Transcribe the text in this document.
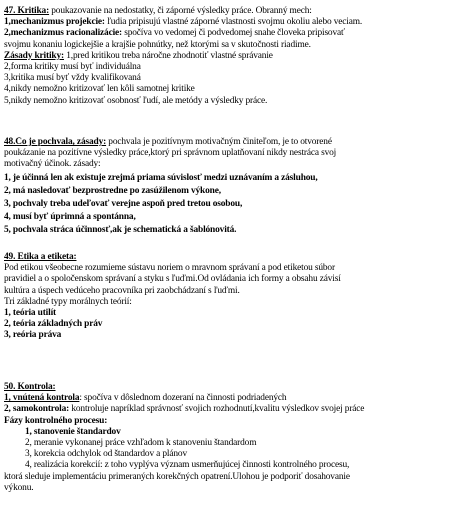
47. Kritika: poukazovanie na nedostatky, či záporné výsledky práce. Obranný mech:
1,mechanizmus projekcie: ľudia pripisujú vlastné záporné vlastnosti svojmu okoliu alebo veciam.
2,mechanizmus racionalizácie: spočíva vo vedomej či podvedomej snahe človeka pripisovať
svojmu konaniu logickejšie a krajšie pohnútky, než ktorými sa v skutočnosti riadime.
Zásady kritiky: 1,pred kritikou treba náročne zhodnotiť vlastné správanie
2,forma kritiky musí byť individuálna
3,kritika musí byť vždy kvalifikovaná
4,nikdy nemožno kritizovať len kôli samotnej kritike
5,nikdy nemožno kritizovať osobnosť ľudí, ale metódy a výsledky práce.
48.Čo je pochvala, zásady: pochvala je pozitívnym motivačným činiteľom, je to otvorené
poukázanie na pozitívne výsledky práce,ktorý pri správnom uplatňovaní nikdy nestráca svoj
motivačný účinok. zásady:
1, je účinná len ak existuje zrejmá priama súvislosť medzi uznávaním a zásluhou,
2, má nasledovať bezprostredne po zasúžilenom výkone,
3, pochvaly treba udeľovať verejne aspoň pred tretou osobou,
4, musí byť úprimná a spontánna,
5, pochvala stráca účinnosť,ak je schematická a šablónovitá.
49. Etika a etiketa:
Pod etikou všeobecne rozumieme sústavu noriem o mravnom správaní a pod etiketou súbor
pravidiel a o spoločenskom správaní a styku s ľuďmi.Od ovládania ich formy a obsahu závisí
kultúra a úspech vedúceho pracovníka pri zaobchádzaní s ľuďmi.
Tri základné typy morálnych teórií:
1, teória utilít
2, teória základných práv
3, reória práva
50. Kontrola:
1, vnútená kontrola: spočíva v dôslednom dozeraní na činnosti podriadených
2, samokontrola: kontroluje napríklad správnosť svojich rozhodnutí,kvalitu výsledkov svojej práce
Fázy kontrolného procesu:
1, stanovenie štandardov
2, meranie vykonanej práce vzhľadom k stanoveniu štandardom
3, korekcia odchylok od štandardov a plánov
4, realizácia korekcií: z toho vyplýva význam usmerňujúcej činnosti kontrolného procesu,
ktorá sleduje implementáciu primeraných korekčných opatrení.Ulohou je podporiť dosahovanie
výkonu.
